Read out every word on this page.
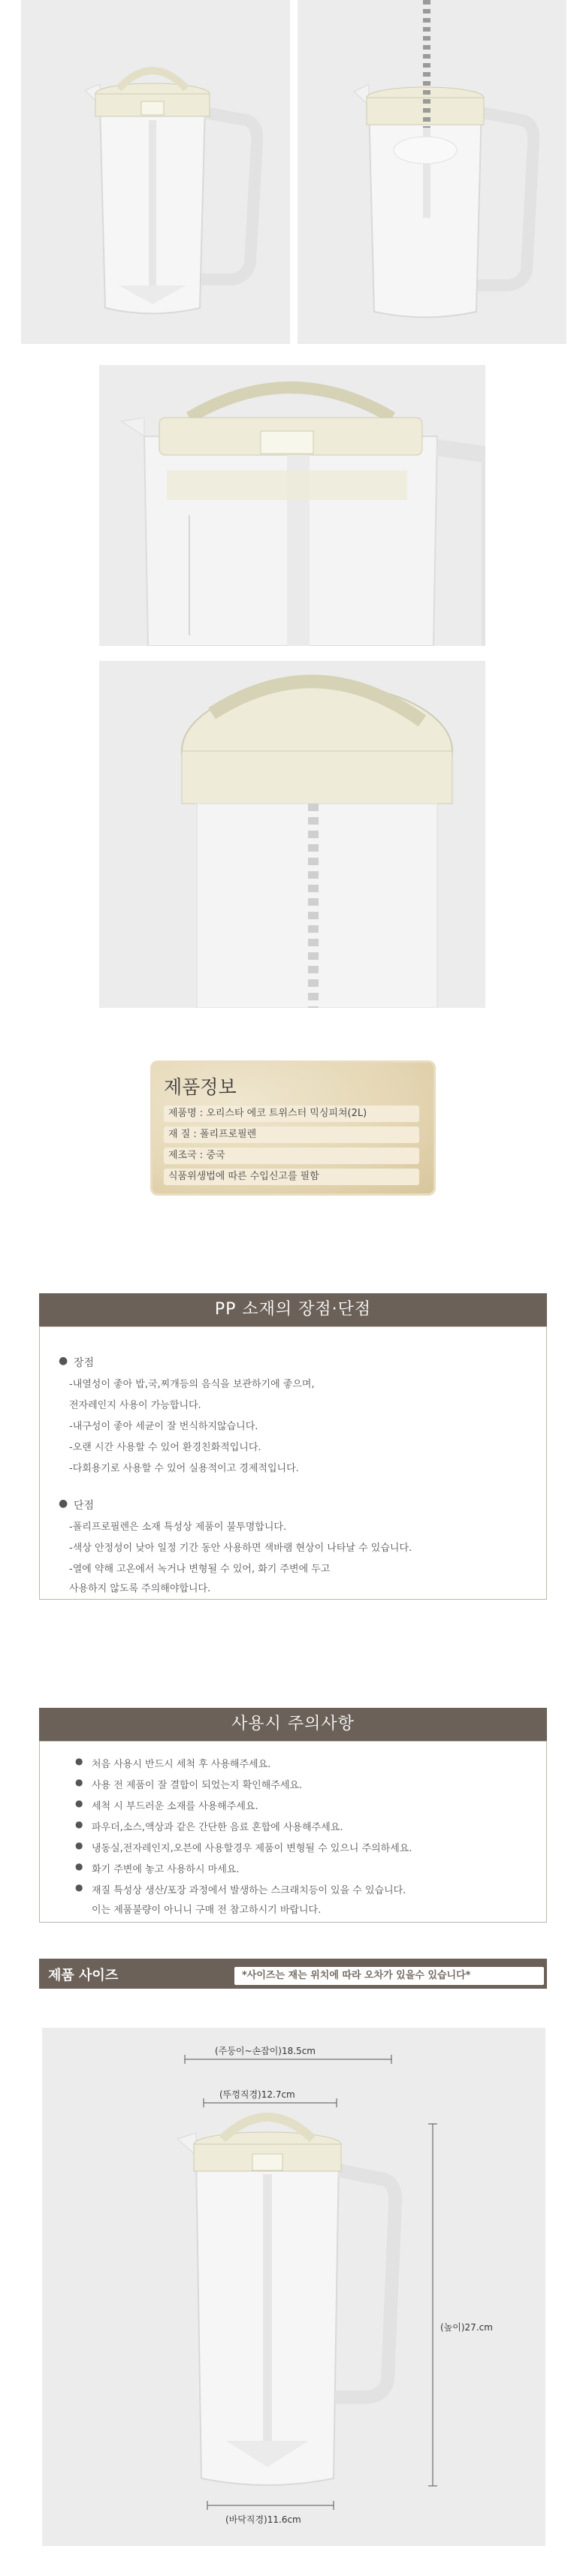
제품정보
제품명 : 오리스타 에코 트위스터 믹싱피쳐(2L)
재 질 : 폴리프로필렌
제조국 : 중국
식품위생법에 따른 수입신고를 필함
PP 소재의 장점·단점
● 장점
-내열성이 좋아 밥,국,찌개등의 음식을 보관하기에 좋으며,
전자레인지 사용이 가능합니다.
-내구성이 좋아 세균이 잘 번식하지않습니다.
-오랜 시간 사용할 수 있어 환경친화적입니다.
-다회용기로 사용할 수 있어 실용적이고 경제적입니다.
● 단점
-폴리프로필렌은 소재 특성상 제품이 불투명합니다.
-색상 안정성이 낮아 일정 기간 동안 사용하면 색바램 현상이 나타날 수 있습니다.
-열에 약해 고온에서 녹거나 변형될 수 있어, 화기 주변에 두고
사용하지 않도록 주의해야합니다.
사용시 주의사항
● 처음 사용시 반드시 세척 후 사용해주세요.
● 사용 전 제품이 잘 결합이 되었는지 확인해주세요.
● 세척 시 부드러운 소재를 사용해주세요.
● 파우더,소스,액상과 같은 간단한 음료 혼합에 사용해주세요.
● 냉동실,전자레인지,오븐에 사용할경우 제품이 변형될 수 있으니 주의하세요.
● 화기 주변에 놓고 사용하시 마세요.
● 재질 특성상 생산/포장 과정에서 발생하는 스크래치등이 있을 수 있습니다.
이는 제품불량이 아니니 구매 전 참고하시기 바랍니다.
제품 사이즈	*사이즈는 재는 위치에 따라 오차가 있을수 있습니다*
(주둥이~손잡이)18.5cm
(뚜껑직경)12.7cm
(높이)27.cm
(바닥직경)11.6cm
